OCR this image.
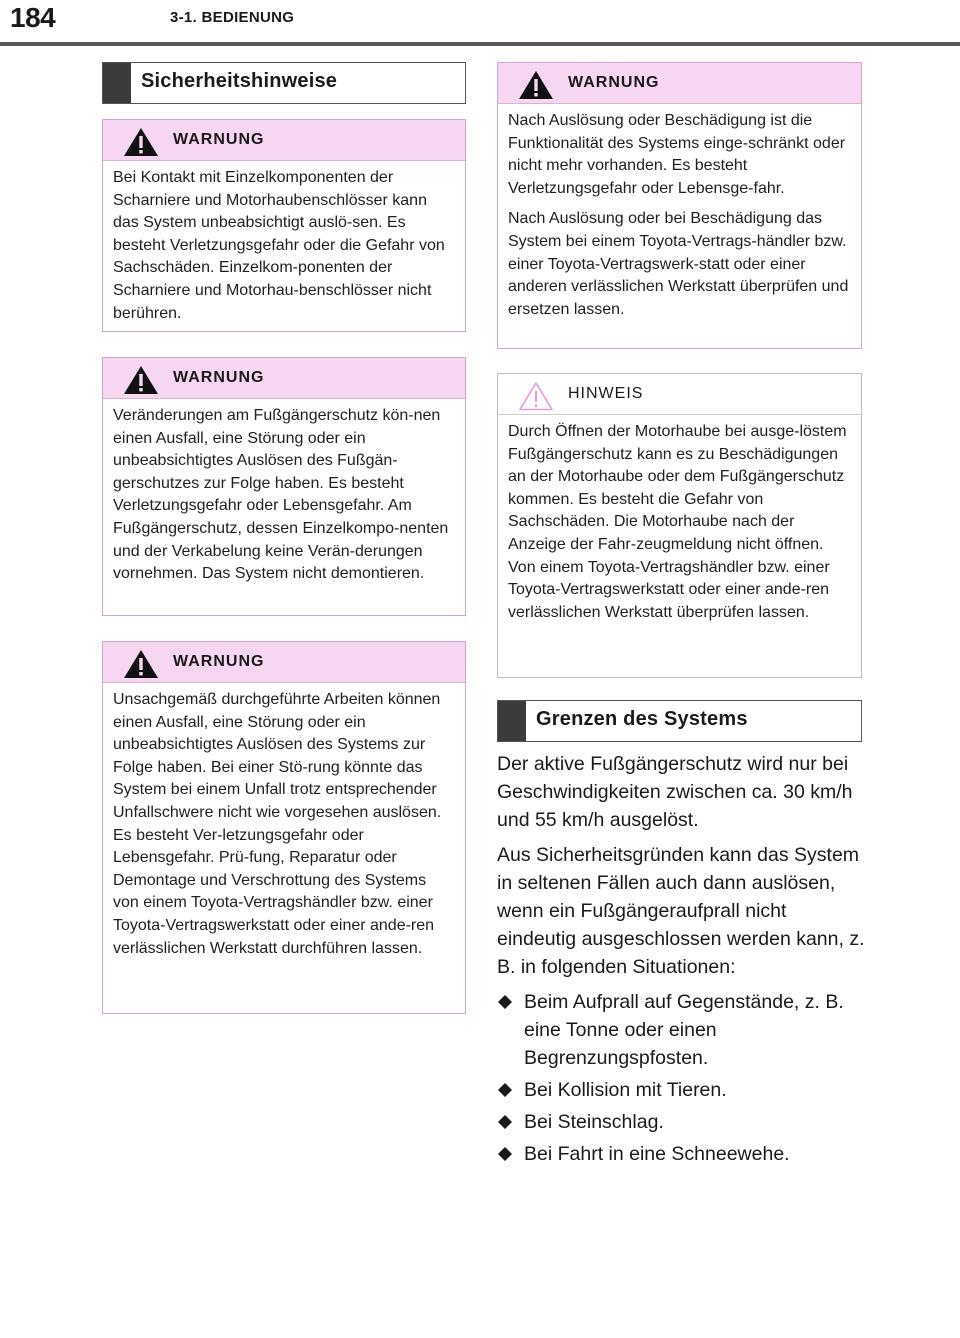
184	3-1. BEDIENUNG
Sicherheitshinweise
WARNUNG

Bei Kontakt mit Einzelkomponenten der Scharniere und Motorhaubenschlösser kann das System unbeabsichtigt auslö-sen. Es besteht Verletzungsgefahr oder die Gefahr von Sachschäden. Einzelkom-ponenten der Scharniere und Motorhau-benschlösser nicht berühren.

WARNUNG

Veränderungen am Fußgängerschutz kön-nen einen Ausfall, eine Störung oder ein unbeabsichtigtes Auslösen des Fußgän-gerschutzes zur Folge haben. Es besteht Verletzungsgefahr oder Lebensgefahr. Am Fußgängerschutz, dessen Einzelkompo-nenten und der Verkabelung keine Verän-derungen vornehmen. Das System nicht demontieren.

WARNUNG

Unsachgemäß durchgeführte Arbeiten können einen Ausfall, eine Störung oder ein unbeabsichtigtes Auslösen des Systems zur Folge haben. Bei einer Stö-rung könnte das System bei einem Unfall trotz entsprechender Unfallschwere nicht wie vorgesehen auslösen. Es besteht Ver-letzungsgefahr oder Lebensgefahr. Prü-fung, Reparatur oder Demontage und Verschrottung des Systems von einem Toyota-Vertragshändler bzw. einer Toyota-Vertragswerkstatt oder einer ande-ren verlässlichen Werkstatt durchführen lassen.

WARNUNG

Nach Auslösung oder Beschädigung ist die Funktionalität des Systems einge-schränkt oder nicht mehr vorhanden. Es besteht Verletzungsgefahr oder Lebensge-fahr.

Nach Auslösung oder bei Beschädigung das System bei einem Toyota-Vertrags-händler bzw. einer Toyota-Vertragswerk-statt oder einer anderen verlässlichen Werkstatt überprüfen und ersetzen lassen.

HINWEIS

Durch Öffnen der Motorhaube bei ausge-löstem Fußgängerschutz kann es zu Beschädigungen an der Motorhaube oder dem Fußgängerschutz kommen. Es besteht die Gefahr von Sachschäden. Die Motorhaube nach der Anzeige der Fahr-zeugmeldung nicht öffnen. Von einem Toyota-Vertragshändler bzw. einer Toyota-Vertragswerkstatt oder einer ande-ren verlässlichen Werkstatt überprüfen lassen.

Grenzen des Systems

Der aktive Fußgängerschutz wird nur bei Geschwindigkeiten zwischen ca. 30 km/h und 55 km/h ausgelöst.

Aus Sicherheitsgründen kann das System in seltenen Fällen auch dann auslösen, wenn ein Fußgängeraufprall nicht eindeutig ausgeschlossen werden kann, z. B. in folgenden Situationen:

Beim Aufprall auf Gegenstände, z. B. eine Tonne oder einen Begrenzungspfosten.
Bei Kollision mit Tieren.
Bei Steinschlag.
Bei Fahrt in eine Schneewehe.
